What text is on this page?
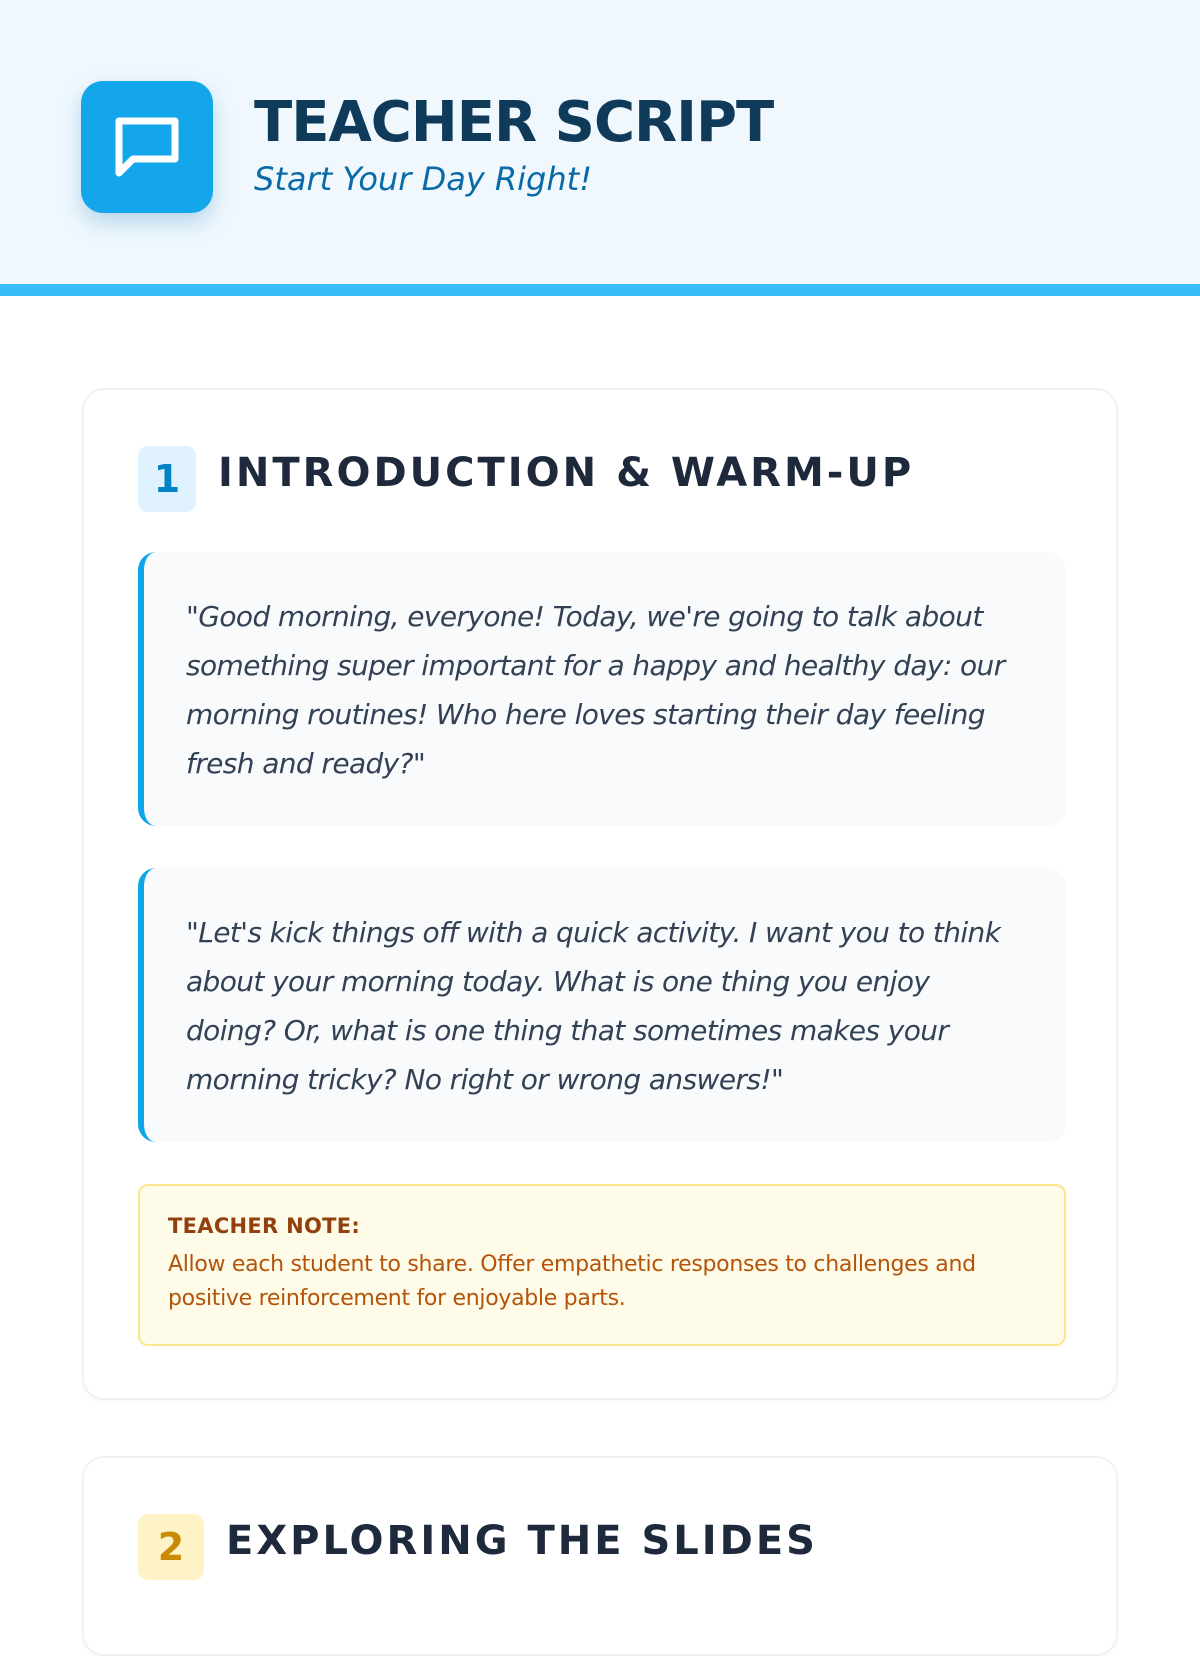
TEACHER SCRIPT
Start Your Day Right!
1 INTRODUCTION & WARM-UP
"Good morning, everyone! Today, we're going to talk about something super important for a happy and healthy day: our morning routines! Who here loves starting their day feeling fresh and ready?"
"Let's kick things off with a quick activity. I want you to think about your morning today. What is one thing you enjoy doing? Or, what is one thing that sometimes makes your morning tricky? No right or wrong answers!"
TEACHER NOTE:
Allow each student to share. Offer empathetic responses to challenges and positive reinforcement for enjoyable parts.
2	EXPLORING THE SLIDES
